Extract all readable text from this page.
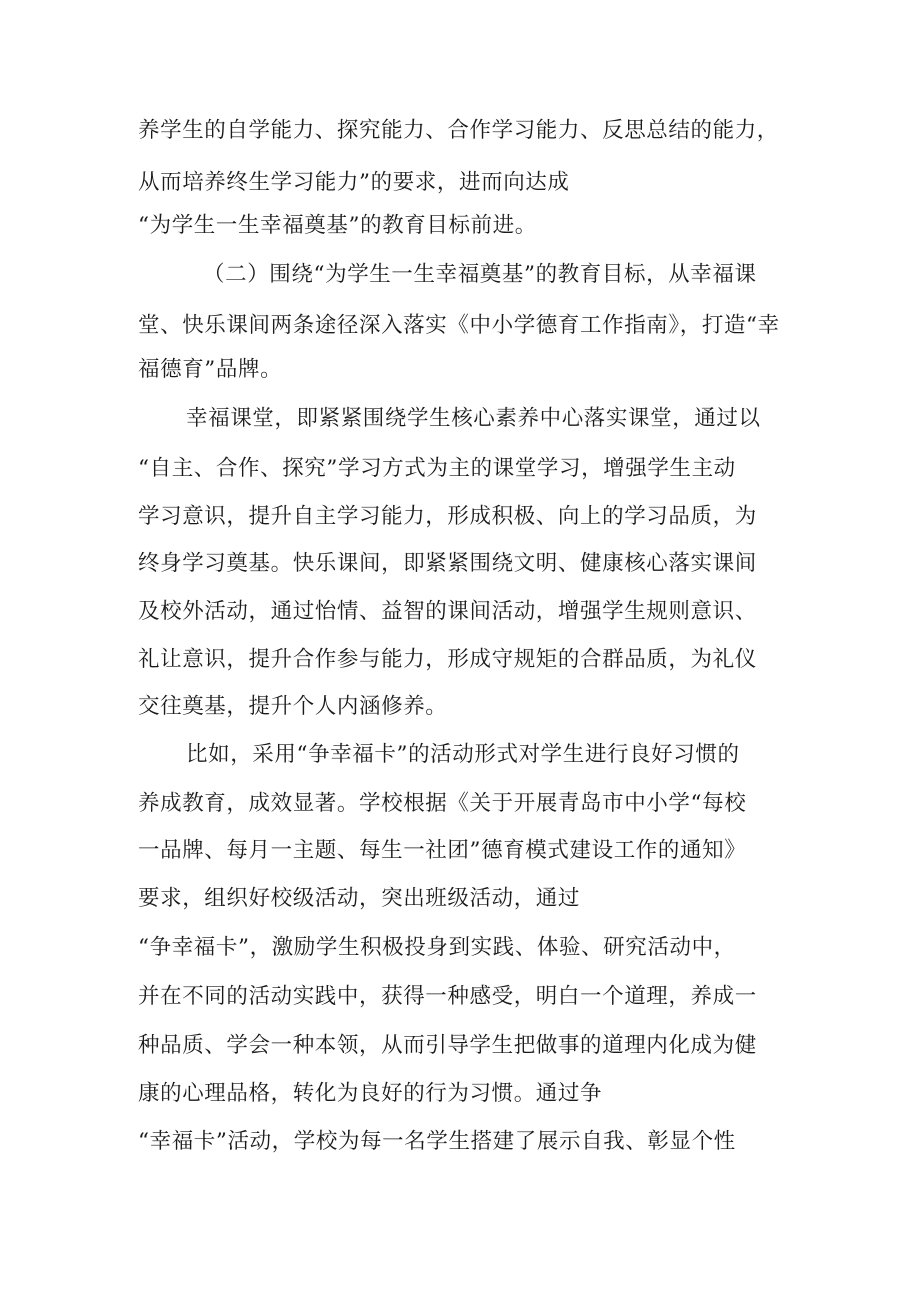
养学生的自学能力、探究能力、合作学习能力、反思总结的能力，
从而培养终生学习能力”的要求，进而向达成
“为学生一生幸福奠基”的教育目标前进。
（二）围绕“为学生一生幸福奠基”的教育目标，从幸福课
堂、快乐课间两条途径深入落实《中小学德育工作指南》，打造“幸
福德育”品牌。
幸福课堂，即紧紧围绕学生核心素养中心落实课堂，通过以
“自主、合作、探究”学习方式为主的课堂学习，增强学生主动
学习意识，提升自主学习能力，形成积极、向上的学习品质，为
终身学习奠基。快乐课间，即紧紧围绕文明、健康核心落实课间
及校外活动，通过怡情、益智的课间活动，增强学生规则意识、
礼让意识，提升合作参与能力，形成守规矩的合群品质，为礼仪
交往奠基，提升个人内涵修养。
比如，采用“争幸福卡”的活动形式对学生进行良好习惯的
养成教育，成效显著。学校根据《关于开展青岛市中小学“每校
一品牌、每月一主题、每生一社团”德育模式建设工作的通知》
要求，组织好校级活动，突出班级活动，通过
“争幸福卡”，激励学生积极投身到实践、体验、研究活动中，
并在不同的活动实践中，获得一种感受，明白一个道理，养成一
种品质、学会一种本领，从而引导学生把做事的道理内化成为健
康的心理品格，转化为良好的行为习惯。通过争
“幸福卡”活动，学校为每一名学生搭建了展示自我、彰显个性
